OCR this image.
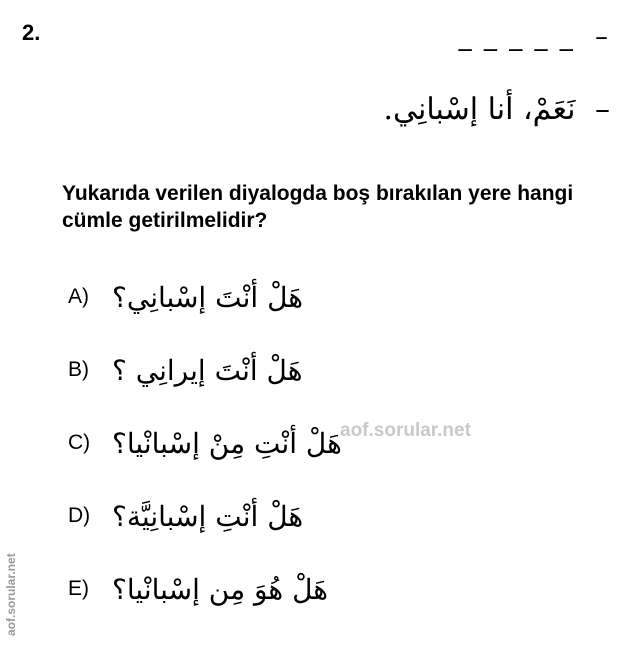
2.	– _ _ _ _ _
– نَعَمْ، أنا إسْبانِي.
Yukarıda verilen diyalogda boş bırakılan yere hangi cümle getirilmelidir?
A) هَلْ أنْتَ إسْبانِي؟
B) هَلْ أنْتَ إيرانِي ؟
C) هَلْ أنْتِ مِنْ إسْبانْيا؟
D) هَلْ أنْتِ إسْبانِيَّة؟
E) هَلْ هُوَ مِن إسْبانْيا؟
aof.sorular.net
aof.sorular.net
